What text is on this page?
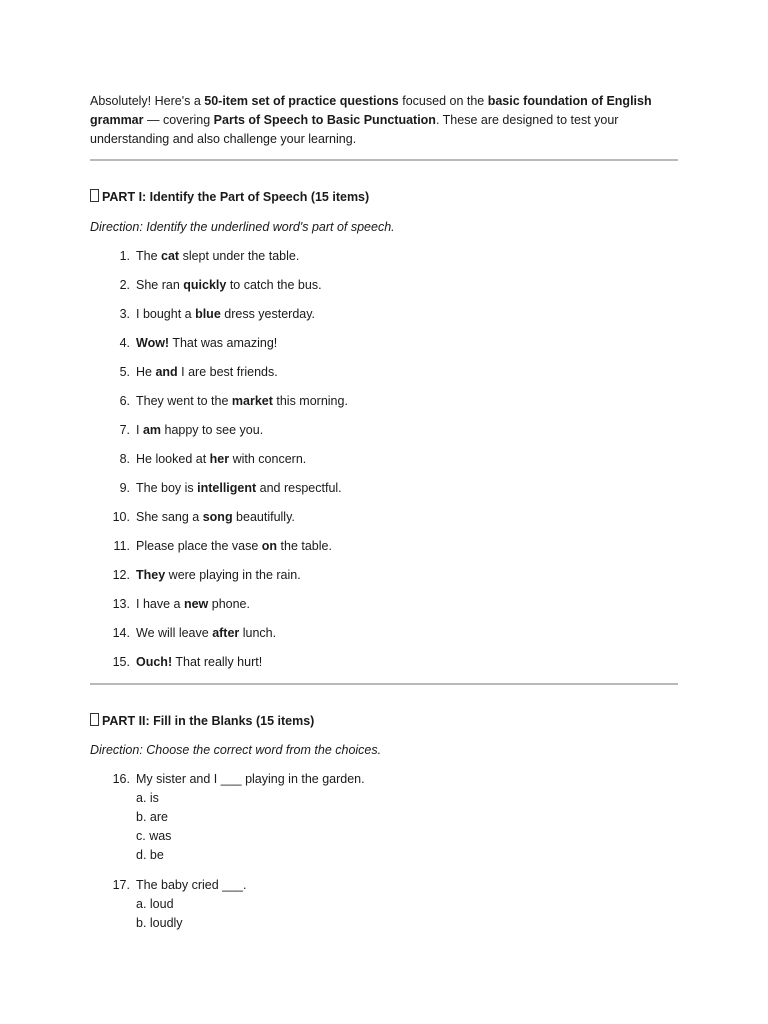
Absolutely! Here's a 50-item set of practice questions focused on the basic foundation of English grammar — covering Parts of Speech to Basic Punctuation. These are designed to test your understanding and also challenge your learning.

PART I: Identify the Part of Speech (15 items)
Direction: Identify the underlined word's part of speech.
1. The cat slept under the table.
2. She ran quickly to catch the bus.
3. I bought a blue dress yesterday.
4. Wow! That was amazing!
5. He and I are best friends.
6. They went to the market this morning.
7. I am happy to see you.
8. He looked at her with concern.
9. The boy is intelligent and respectful.
10. She sang a song beautifully.
11. Please place the vase on the table.
12. They were playing in the rain.
13. I have a new phone.
14. We will leave after lunch.
15. Ouch! That really hurt!
PART II: Fill in the Blanks (15 items)
Direction: Choose the correct word from the choices.
16. My sister and I ___ playing in the garden.
a. is
b. are
c. was
d. be
17. The baby cried ___.
a. loud
b. loudly
